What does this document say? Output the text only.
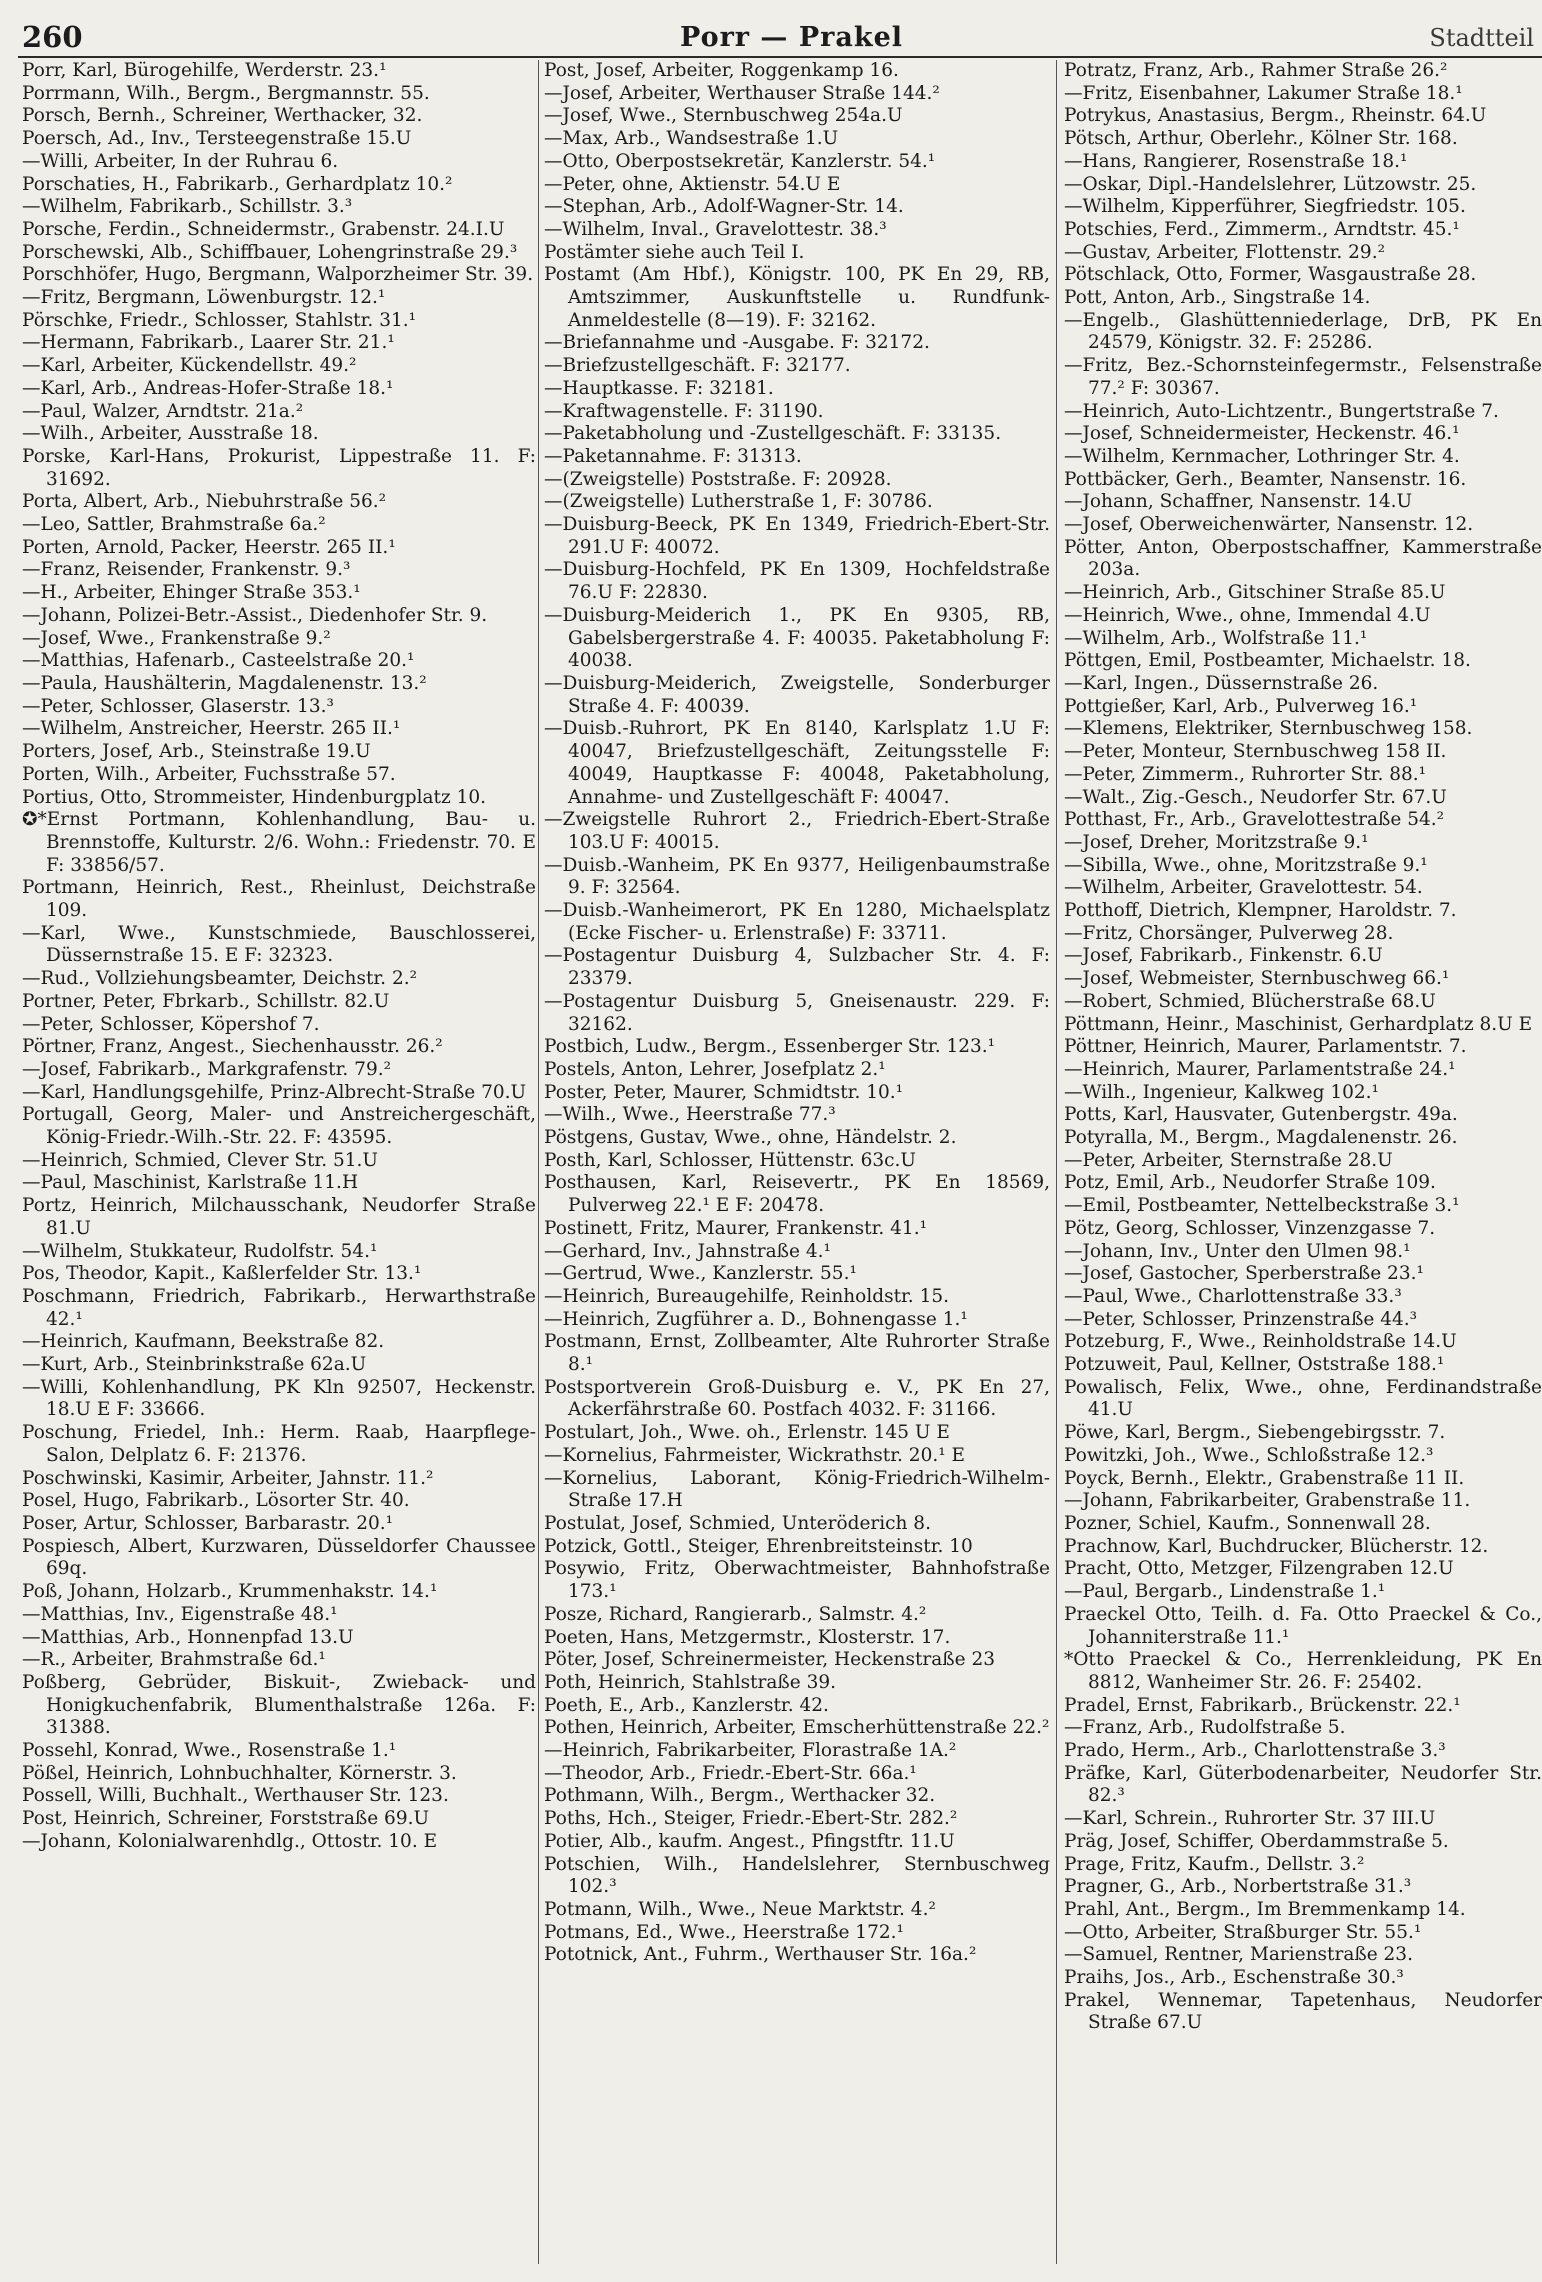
260	Porr — Prakel	Stadtteil
Porr, Karl, Bürogehilfe, Werderstr. 23.¹
Porrmann, Wilh., Bergm., Bergmannstr. 55.
Porsch, Bernh., Schreiner, Werthacker, 32.
Poersch, Ad., Inv., Tersteegenstraße 15.U
—Willi, Arbeiter, In der Ruhrau 6.
Porschaties, H., Fabrikarb., Gerhardplatz 10.²
—Wilhelm, Fabrikarb., Schillstr. 3.³
Porsche, Ferdin., Schneidermstr., Grabenstr. 24.I.U
Porschewski, Alb., Schiffbauer, Lohengrinstraße 29.³
Porschhöfer, Hugo, Bergmann, Walporzheimer Str. 39.
—Fritz, Bergmann, Löwenburgstr. 12.¹
Pörschke, Friedr., Schlosser, Stahlstr. 31.¹
—Hermann, Fabrikarb., Laarer Str. 21.¹
—Karl, Arbeiter, Kückendellstr. 49.²
—Karl, Arb., Andreas-Hofer-Straße 18.¹
—Paul, Walzer, Arndtstr. 21a.²
—Wilh., Arbeiter, Ausstraße 18.
Porske, Karl-Hans, Prokurist, Lippestraße 11. F: 31692.
Porta, Albert, Arb., Niebuhrstraße 56.²
—Leo, Sattler, Brahmstraße 6a.²
Porten, Arnold, Packer, Heerstr. 265 II.¹
—Franz, Reisender, Frankenstr. 9.³
—H., Arbeiter, Ehinger Straße 353.¹
—Johann, Polizei-Betr.-Assist., Diedenhofer Str. 9.
—Josef, Wwe., Frankenstraße 9.²
—Matthias, Hafenarb., Casteelstraße 20.¹
—Paula, Haushälterin, Magdalenenstr. 13.²
—Peter, Schlosser, Glaserstr. 13.³
—Wilhelm, Anstreicher, Heerstr. 265 II.¹
Porters, Josef, Arb., Steinstraße 19.U
Porten, Wilh., Arbeiter, Fuchsstraße 57.
Portius, Otto, Strommeister, Hindenburgplatz 10.
✪*Ernst Portmann, Kohlenhandlung, Bau- u. Brennstoffe, Kulturstr. 2/6. Wohn.: Friedenstr. 70. E F: 33856/57.
Portmann, Heinrich, Rest., Rheinlust, Deichstraße 109.
—Karl, Wwe., Kunstschmiede, Bauschlosserei, Düssernstraße 15. E F: 32323.
—Rud., Vollziehungsbeamter, Deichstr. 2.²
Portner, Peter, Fbrkarb., Schillstr. 82.U
—Peter, Schlosser, Köpershof 7.
Pörtner, Franz, Angest., Siechenhausstr. 26.²
—Josef, Fabrikarb., Markgrafenstr. 79.²
—Karl, Handlungsgehilfe, Prinz-Albrecht-Straße 70.U
Portugall, Georg, Maler- und Anstreichergeschäft, König-Friedr.-Wilh.-Str. 22. F: 43595.
—Heinrich, Schmied, Clever Str. 51.U
—Paul, Maschinist, Karlstraße 11.H
Portz, Heinrich, Milchausschank, Neudorfer Straße 81.U
—Wilhelm, Stukkateur, Rudolfstr. 54.¹
Pos, Theodor, Kapit., Kaßlerfelder Str. 13.¹
Poschmann, Friedrich, Fabrikarb., Herwarthstraße 42.¹
—Heinrich, Kaufmann, Beekstraße 82.
—Kurt, Arb., Steinbrinkstraße 62a.U
—Willi, Kohlenhandlung, PK Kln 92507, Heckenstr. 18.U E F: 33666.
Poschung, Friedel, Inh.: Herm. Raab, Haarpflege-Salon, Delplatz 6. F: 21376.
Poschwinski, Kasimir, Arbeiter, Jahnstr. 11.²
Posel, Hugo, Fabrikarb., Lösorter Str. 40.
Poser, Artur, Schlosser, Barbarastr. 20.¹
Pospiesch, Albert, Kurzwaren, Düsseldorfer Chaussee 69q.
Poß, Johann, Holzarb., Krummenhakstr. 14.¹
—Matthias, Inv., Eigenstraße 48.¹
—Matthias, Arb., Honnenpfad 13.U
—R., Arbeiter, Brahmstraße 6d.¹
Poßberg, Gebrüder, Biskuit-, Zwieback- und Honigkuchenfabrik, Blumenthalstraße 126a. F: 31388.
Possehl, Konrad, Wwe., Rosenstraße 1.¹
Pößel, Heinrich, Lohnbuchhalter, Körnerstr. 3.
Possell, Willi, Buchhalt., Werthauser Str. 123.
Post, Heinrich, Schreiner, Forststraße 69.U
—Johann, Kolonialwarenhdlg., Ottostr. 10. E
Post, Josef, Arbeiter, Roggenkamp 16.
—Josef, Arbeiter, Werthauser Straße 144.²
—Josef, Wwe., Sternbuschweg 254a.U
—Max, Arb., Wandsestraße 1.U
—Otto, Oberpostsekretär, Kanzlerstr. 54.¹
—Peter, ohne, Aktienstr. 54.U E
—Stephan, Arb., Adolf-Wagner-Str. 14.
—Wilhelm, Inval., Gravelottestr. 38.³
Postämter siehe auch Teil I.
Postamt (Am Hbf.), Königstr. 100, PK En 29, RB, Amtszimmer, Auskunftstelle u. Rundfunk-Anmeldestelle (8—19). F: 32162.
—Briefannahme und -Ausgabe. F: 32172.
—Briefzustellgeschäft. F: 32177.
—Hauptkasse. F: 32181.
—Kraftwagenstelle. F: 31190.
—Paketabholung und -Zustellgeschäft. F: 33135.
—Paketannahme. F: 31313.
—(Zweigstelle) Poststraße. F: 20928.
—(Zweigstelle) Lutherstraße 1, F: 30786.
—Duisburg-Beeck, PK En 1349, Friedrich-Ebert-Str. 291.U F: 40072.
—Duisburg-Hochfeld, PK En 1309, Hochfeldstraße 76.U F: 22830.
—Duisburg-Meiderich 1., PK En 9305, RB, Gabelsbergerstraße 4. F: 40035. Paketabholung F: 40038.
—Duisburg-Meiderich, Zweigstelle, Sonderburger Straße 4. F: 40039.
—Duisb.-Ruhrort, PK En 8140, Karlsplatz 1.U F: 40047, Briefzustellgeschäft, Zeitungsstelle F: 40049, Hauptkasse F: 40048, Paketabholung, Annahme- und Zustellgeschäft F: 40047.
—Zweigstelle Ruhrort 2., Friedrich-Ebert-Straße 103.U F: 40015.
—Duisb.-Wanheim, PK En 9377, Heiligenbaumstraße 9. F: 32564.
—Duisb.-Wanheimerort, PK En 1280, Michaelsplatz (Ecke Fischer- u. Erlenstraße) F: 33711.
—Postagentur Duisburg 4, Sulzbacher Str. 4. F: 23379.
—Postagentur Duisburg 5, Gneisenaustr. 229. F: 32162.
Postbich, Ludw., Bergm., Essenberger Str. 123.¹
Postels, Anton, Lehrer, Josefplatz 2.¹
Poster, Peter, Maurer, Schmidtstr. 10.¹
—Wilh., Wwe., Heerstraße 77.³
Pöstgens, Gustav, Wwe., ohne, Händelstr. 2.
Posth, Karl, Schlosser, Hüttenstr. 63c.U
Posthausen, Karl, Reisevertr., PK En 18569, Pulverweg 22.¹ E F: 20478.
Postinett, Fritz, Maurer, Frankenstr. 41.¹
—Gerhard, Inv., Jahnstraße 4.¹
—Gertrud, Wwe., Kanzlerstr. 55.¹
—Heinrich, Bureaugehilfe, Reinholdstr. 15.
—Heinrich, Zugführer a. D., Bohnengasse 1.¹
Postmann, Ernst, Zollbeamter, Alte Ruhrorter Straße 8.¹
Postsportverein Groß-Duisburg e. V., PK En 27, Ackerfährstraße 60. Postfach 4032. F: 31166.
Postulart, Joh., Wwe. oh., Erlenstr. 145 U E
—Kornelius, Fahrmeister, Wickrathstr. 20.¹ E
—Kornelius, Laborant, König-Friedrich-Wilhelm-Straße 17.H
Postulat, Josef, Schmied, Unteröderich 8.
Potzick, Gottl., Steiger, Ehrenbreitsteinstr. 10
Posywio, Fritz, Oberwachtmeister, Bahnhofstraße 173.¹
Posze, Richard, Rangierarb., Salmstr. 4.²
Poeten, Hans, Metzgermstr., Klosterstr. 17.
Pöter, Josef, Schreinermeister, Heckenstraße 23
Poth, Heinrich, Stahlstraße 39.
Poeth, E., Arb., Kanzlerstr. 42.
Pothen, Heinrich, Arbeiter, Emscherhüttenstraße 22.²
—Heinrich, Fabrikarbeiter, Florastraße 1A.²
—Theodor, Arb., Friedr.-Ebert-Str. 66a.¹
Pothmann, Wilh., Bergm., Werthacker 32.
Poths, Hch., Steiger, Friedr.-Ebert-Str. 282.²
Potier, Alb., kaufm. Angest., Pfingstftr. 11.U
Potschien, Wilh., Handelslehrer, Sternbuschweg 102.³
Potmann, Wilh., Wwe., Neue Marktstr. 4.²
Potmans, Ed., Wwe., Heerstraße 172.¹
Pototnick, Ant., Fuhrm., Werthauser Str. 16a.²
Potratz, Franz, Arb., Rahmer Straße 26.²
—Fritz, Eisenbahner, Lakumer Straße 18.¹
Potrykus, Anastasius, Bergm., Rheinstr. 64.U
Pötsch, Arthur, Oberlehr., Kölner Str. 168.
—Hans, Rangierer, Rosenstraße 18.¹
—Oskar, Dipl.-Handelslehrer, Lützowstr. 25.
—Wilhelm, Kipperführer, Siegfriedstr. 105.
Potschies, Ferd., Zimmerm., Arndtstr. 45.¹
—Gustav, Arbeiter, Flottenstr. 29.²
Pötschlack, Otto, Former, Wasgaustraße 28.
Pott, Anton, Arb., Singstraße 14.
—Engelb., Glashüttenniederlage, DrB, PK En 24579, Königstr. 32. F: 25286.
—Fritz, Bez.-Schornsteinfegermstr., Felsenstraße 77.² F: 30367.
—Heinrich, Auto-Lichtzentr., Bungertstraße 7.
—Josef, Schneidermeister, Heckenstr. 46.¹
—Wilhelm, Kernmacher, Lothringer Str. 4.
Pottbäcker, Gerh., Beamter, Nansenstr. 16.
—Johann, Schaffner, Nansenstr. 14.U
—Josef, Oberweichenwärter, Nansenstr. 12.
Pötter, Anton, Oberpostschaffner, Kammerstraße 203a.
—Heinrich, Arb., Gitschiner Straße 85.U
—Heinrich, Wwe., ohne, Immendal 4.U
—Wilhelm, Arb., Wolfstraße 11.¹
Pöttgen, Emil, Postbeamter, Michaelstr. 18.
—Karl, Ingen., Düssernstraße 26.
Pottgießer, Karl, Arb., Pulverweg 16.¹
—Klemens, Elektriker, Sternbuschweg 158.
—Peter, Monteur, Sternbuschweg 158 II.
—Peter, Zimmerm., Ruhrorter Str. 88.¹
—Walt., Zig.-Gesch., Neudorfer Str. 67.U
Potthast, Fr., Arb., Gravelottestraße 54.²
—Josef, Dreher, Moritzstraße 9.¹
—Sibilla, Wwe., ohne, Moritzstraße 9.¹
—Wilhelm, Arbeiter, Gravelottestr. 54.
Potthoff, Dietrich, Klempner, Haroldstr. 7.
—Fritz, Chorsänger, Pulverweg 28.
—Josef, Fabrikarb., Finkenstr. 6.U
—Josef, Webmeister, Sternbuschweg 66.¹
—Robert, Schmied, Blücherstraße 68.U
Pöttmann, Heinr., Maschinist, Gerhardplatz 8.U E
Pöttner, Heinrich, Maurer, Parlamentstr. 7.
—Heinrich, Maurer, Parlamentstraße 24.¹
—Wilh., Ingenieur, Kalkweg 102.¹
Potts, Karl, Hausvater, Gutenbergstr. 49a.
Potyralla, M., Bergm., Magdalenenstr. 26.
—Peter, Arbeiter, Sternstraße 28.U
Potz, Emil, Arb., Neudorfer Straße 109.
—Emil, Postbeamter, Nettelbeckstraße 3.¹
Pötz, Georg, Schlosser, Vinzenzgasse 7.
—Johann, Inv., Unter den Ulmen 98.¹
—Josef, Gastocher, Sperberstraße 23.¹
—Paul, Wwe., Charlottenstraße 33.³
—Peter, Schlosser, Prinzenstraße 44.³
Potzeburg, F., Wwe., Reinholdstraße 14.U
Potzuweit, Paul, Kellner, Oststraße 188.¹
Powalisch, Felix, Wwe., ohne, Ferdinandstraße 41.U
Pöwe, Karl, Bergm., Siebengebirgsstr. 7.
Powitzki, Joh., Wwe., Schloßstraße 12.³
Poyck, Bernh., Elektr., Grabenstraße 11 II.
—Johann, Fabrikarbeiter, Grabenstraße 11.
Pozner, Schiel, Kaufm., Sonnenwall 28.
Prachnow, Karl, Buchdrucker, Blücherstr. 12.
Pracht, Otto, Metzger, Filzengraben 12.U
—Paul, Bergarb., Lindenstraße 1.¹
Praeckel Otto, Teilh. d. Fa. Otto Praeckel & Co., Johanniterstraße 11.¹
*Otto Praeckel & Co., Herrenkleidung, PK En 8812, Wanheimer Str. 26. F: 25402.
Pradel, Ernst, Fabrikarb., Brückenstr. 22.¹
—Franz, Arb., Rudolfstraße 5.
Prado, Herm., Arb., Charlottenstraße 3.³
Präfke, Karl, Güterbodenarbeiter, Neudorfer Str. 82.³
—Karl, Schrein., Ruhrorter Str. 37 III.U
Präg, Josef, Schiffer, Oberdammstraße 5.
Prage, Fritz, Kaufm., Dellstr. 3.²
Pragner, G., Arb., Norbertstraße 31.³
Prahl, Ant., Bergm., Im Bremmenkamp 14.
—Otto, Arbeiter, Straßburger Str. 55.¹
—Samuel, Rentner, Marienstraße 23.
Praihs, Jos., Arb., Eschenstraße 30.³
Prakel, Wennemar, Tapetenhaus, Neudorfer Straße 67.U
